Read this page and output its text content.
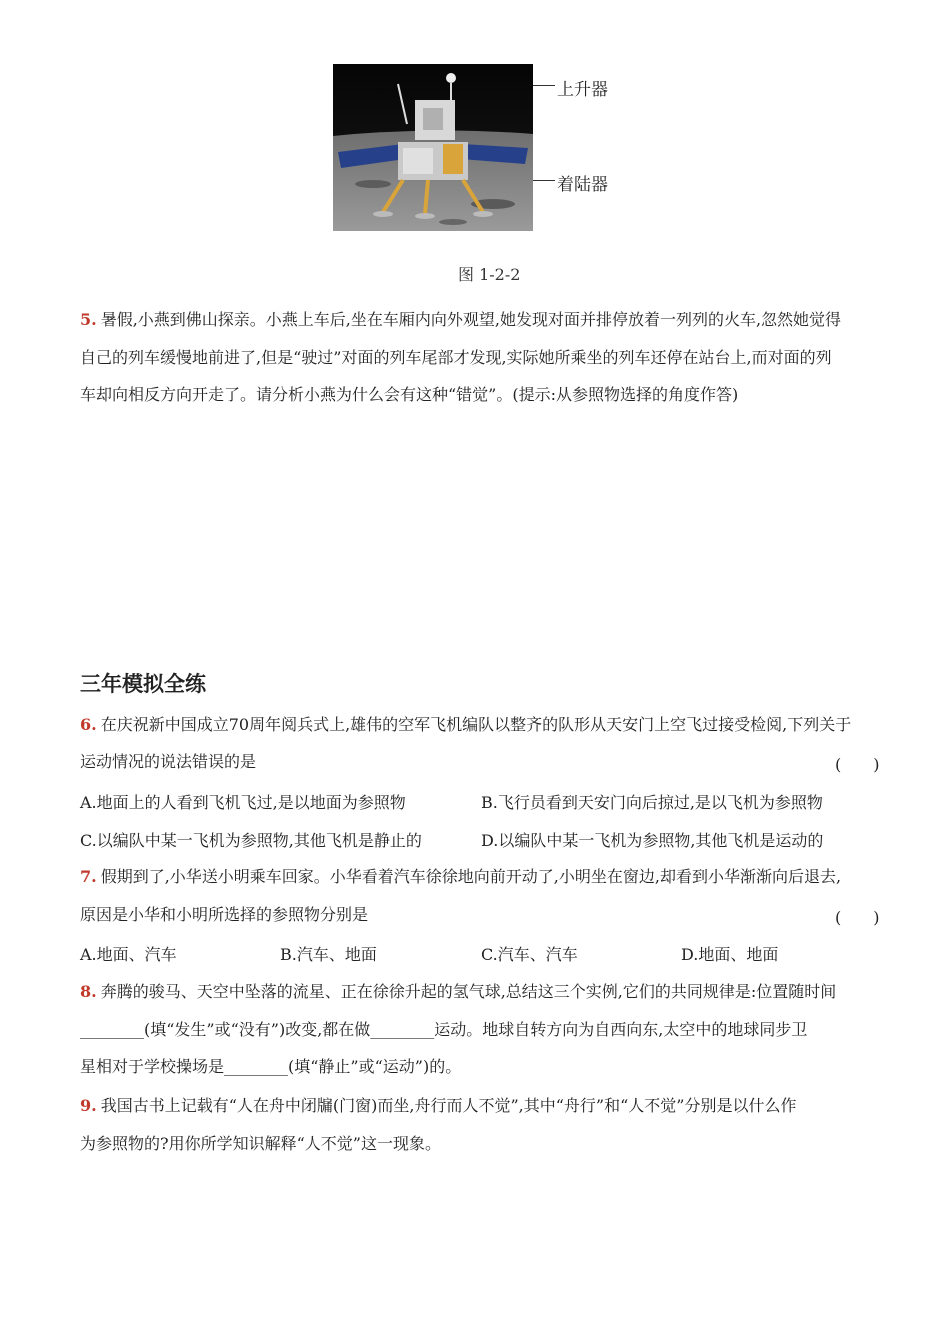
上升器
着陆器
图 1-2-2
5. 暑假,小燕到佛山探亲。小燕上车后,坐在车厢内向外观望,她发现对面并排停放着一列列的火车,忽然她觉得
自己的列车缓慢地前进了,但是“驶过”对面的列车尾部才发现,实际她所乘坐的列车还停在站台上,而对面的列
车却向相反方向开走了。请分析小燕为什么会有这种“错觉”。(提示:从参照物选择的角度作答)
三年模拟全练
6. 在庆祝新中国成立70周年阅兵式上,雄伟的空军飞机编队以整齐的队形从天安门上空飞过接受检阅,下列关于
运动情况的说法错误的是	(　　)
A.地面上的人看到飞机飞过,是以地面为参照物	B.飞行员看到天安门向后掠过,是以飞机为参照物
C.以编队中某一飞机为参照物,其他飞机是静止的	D.以编队中某一飞机为参照物,其他飞机是运动的
7. 假期到了,小华送小明乘车回家。小华看着汽车徐徐地向前开动了,小明坐在窗边,却看到小华渐渐向后退去,
原因是小华和小明所选择的参照物分别是	(　　)
A.地面、汽车	B.汽车、地面	C.汽车、汽车	D.地面、地面
8. 奔腾的骏马、天空中坠落的流星、正在徐徐升起的氢气球,总结这三个实例,它们的共同规律是:位置随时间
________(填“发生”或“没有”)改变,都在做________运动。地球自转方向为自西向东,太空中的地球同步卫
星相对于学校操场是________(填“静止”或“运动”)的。
9. 我国古书上记载有“人在舟中闭牖(门窗)而坐,舟行而人不觉”,其中“舟行”和“人不觉”分别是以什么作
为参照物的?用你所学知识解释“人不觉”这一现象。
